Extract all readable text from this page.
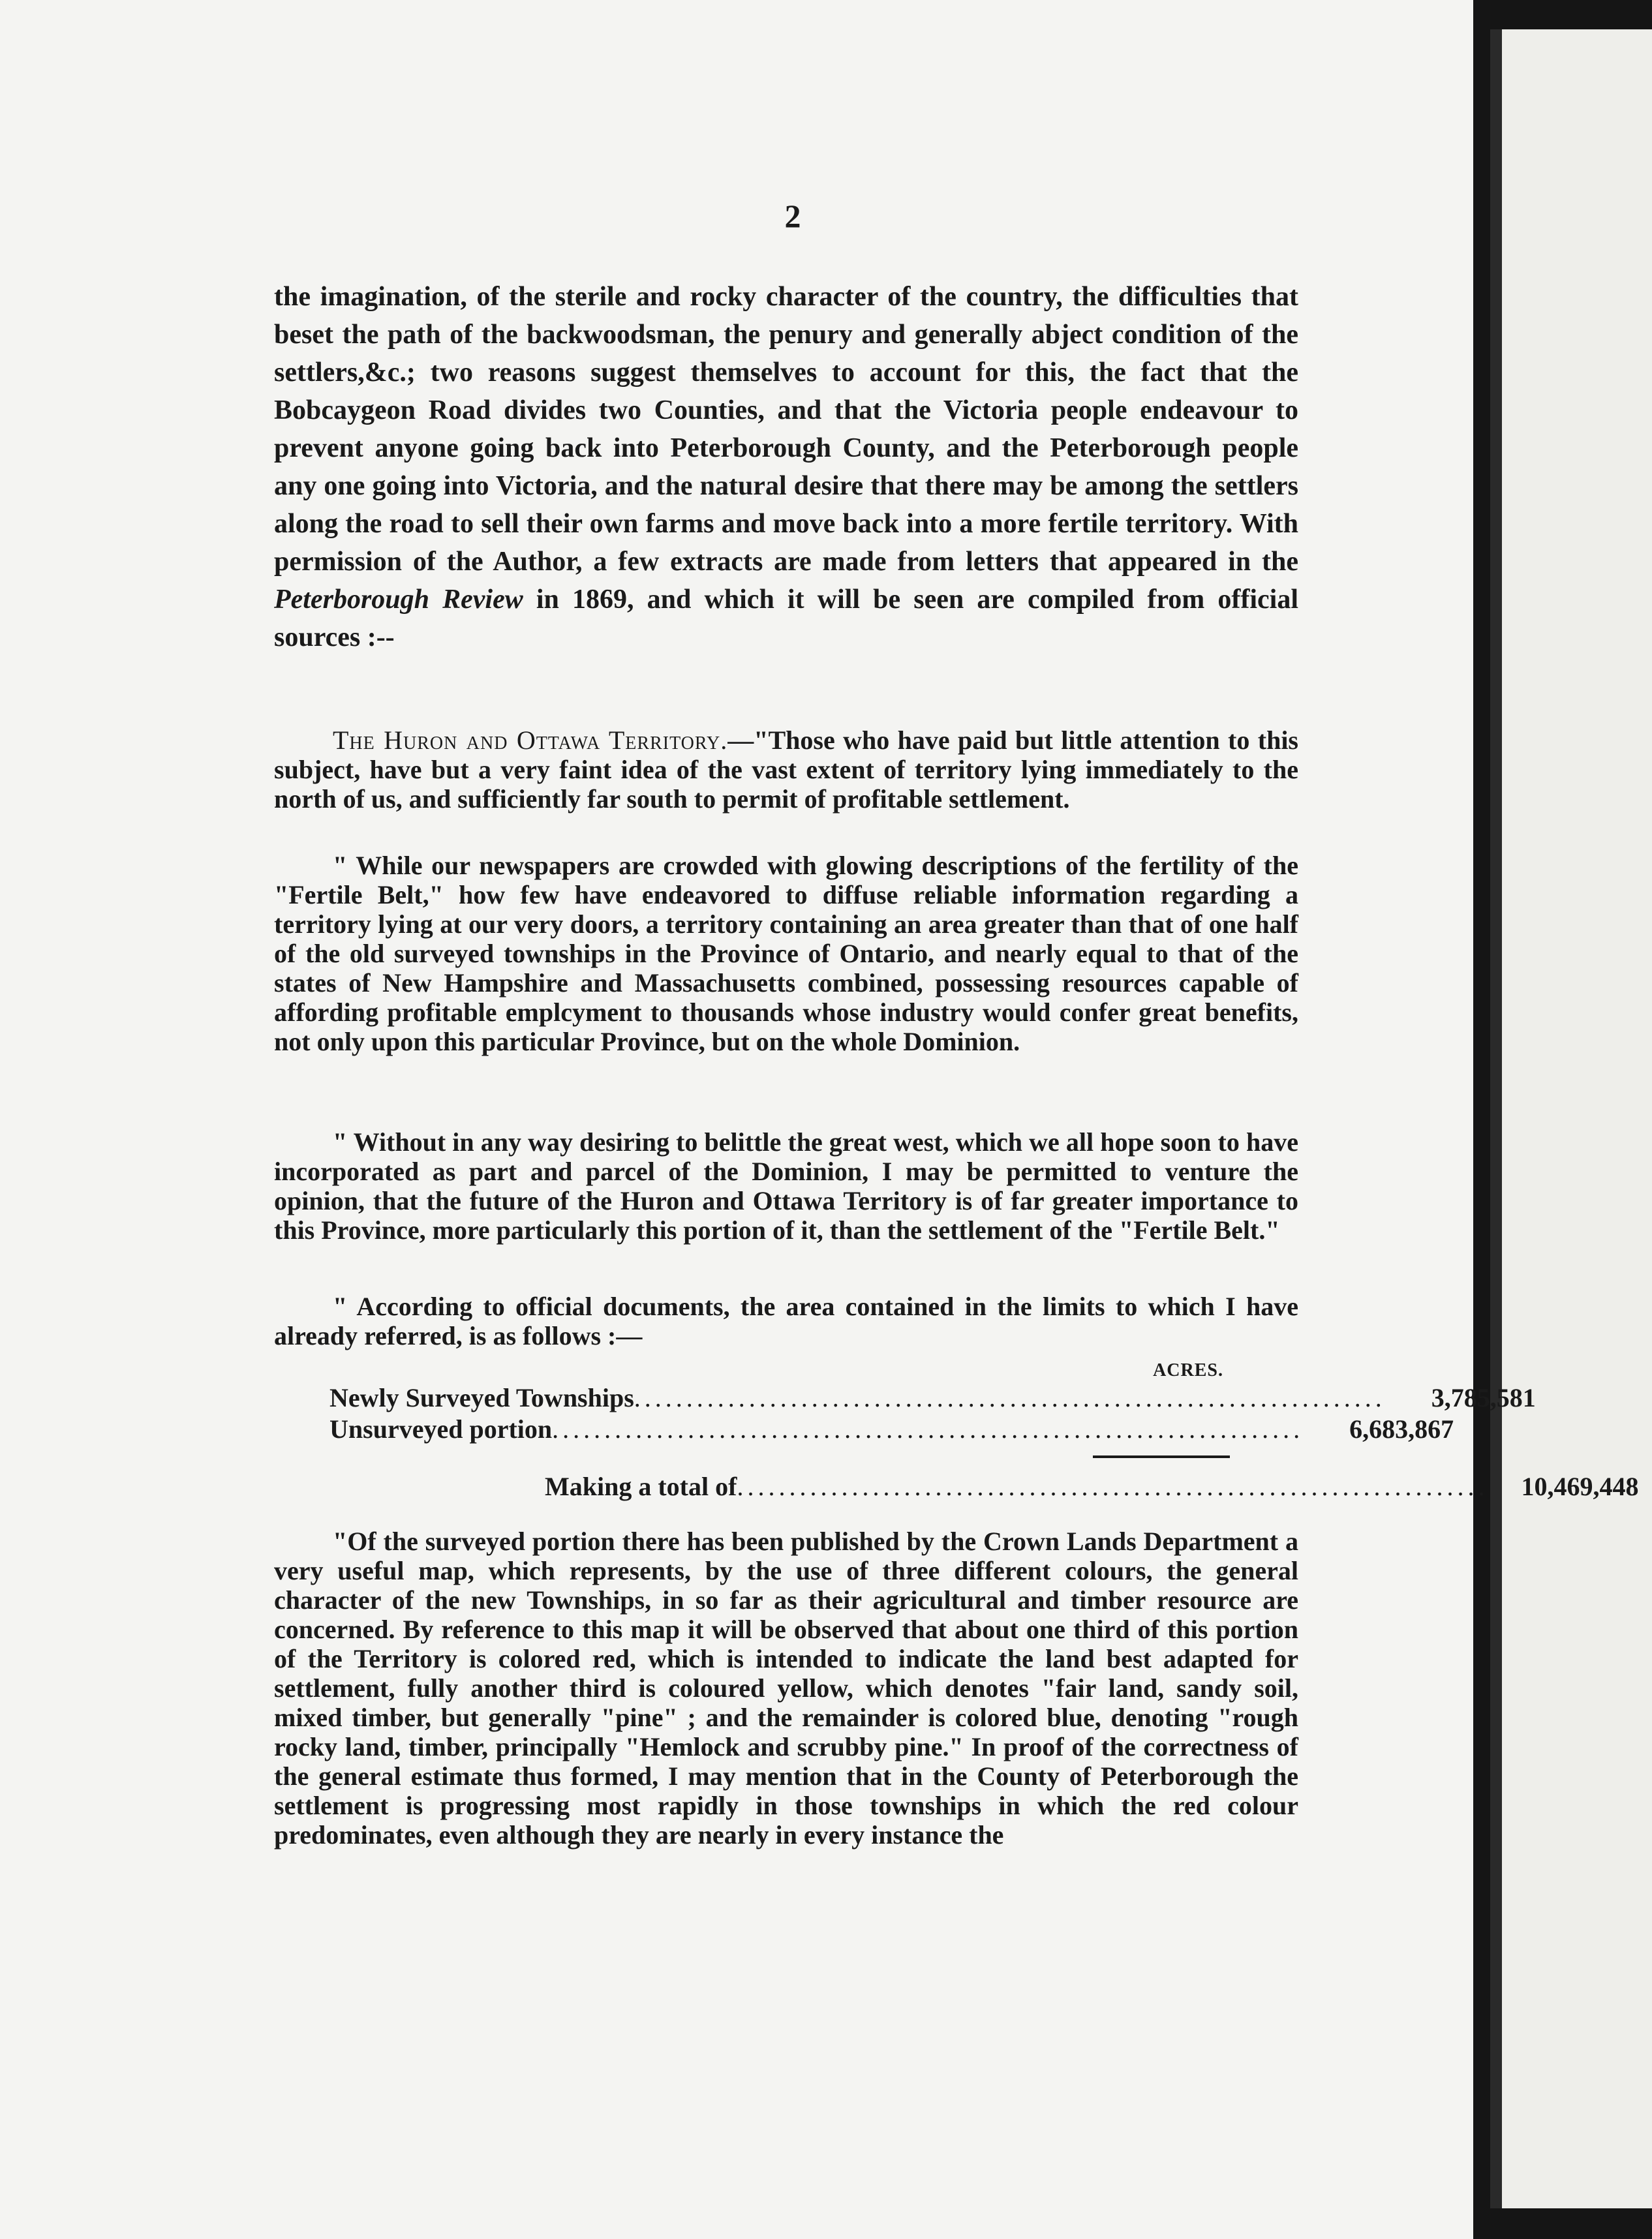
2
the imagination, of the sterile and rocky character of the country, the difficulties that beset the path of the backwoodsman, the penury and generally abject condition of the settlers,&c.; two reasons suggest themselves to account for this, the fact that the Bobcaygeon Road divides two Counties, and that the Victoria people endeavour to prevent anyone going back into Peterborough County, and the Peterborough people any one going into Victoria, and the natural desire that there may be among the settlers along the road to sell their own farms and move back into a more fertile territory. With permission of the Author, a few extracts are made from letters that appeared in the Peterborough Review in 1869, and which it will be seen are compiled from official sources :--
The Huron and Ottawa Territory.—"Those who have paid but little attention to this subject, have but a very faint idea of the vast extent of territory lying immediately to the north of us, and sufficiently far south to permit of profitable settlement.
" While our newspapers are crowded with glowing descriptions of the fertility of the "Fertile Belt," how few have endeavored to diffuse reliable information regarding a territory lying at our very doors, a territory containing an area greater than that of one half of the old surveyed townships in the Province of Ontario, and nearly equal to that of the states of New Hampshire and Massachusetts combined, possessing resources capable of affording profitable emplcyment to thousands whose industry would confer great benefits, not only upon this particular Province, but on the whole Dominion.
" Without in any way desiring to belittle the great west, which we all hope soon to have incorporated as part and parcel of the Dominion, I may be permitted to venture the opinion, that the future of the Huron and Ottawa Territory is of far greater importance to this Province, more particularly this portion of it, than the settlement of the "Fertile Belt."
" According to official documents, the area contained in the limits to which I have already referred, is as follows :—
ACRES.
Newly Surveyed Townships ........................................................................	3,785,581
Unsurveyed portion ........................................................................	6,683,867
Making a total of ........................................................................	10,469,448
"Of the surveyed portion there has been published by the Crown Lands Department a very useful map, which represents, by the use of three different colours, the general character of the new Townships, in so far as their agricultural and timber resource are concerned. By reference to this map it will be observed that about one third of this portion of the Territory is colored red, which is intended to indicate the land best adapted for settlement, fully another third is coloured yellow, which denotes "fair land, sandy soil, mixed timber, but generally "pine" ; and the remainder is colored blue, denoting "rough rocky land, timber, principally "Hemlock and scrubby pine." In proof of the correctness of the general estimate thus formed, I may mention that in the County of Peterborough the settlement is progressing most rapidly in those townships in which the red colour predominates, even although they are nearly in every instance the
